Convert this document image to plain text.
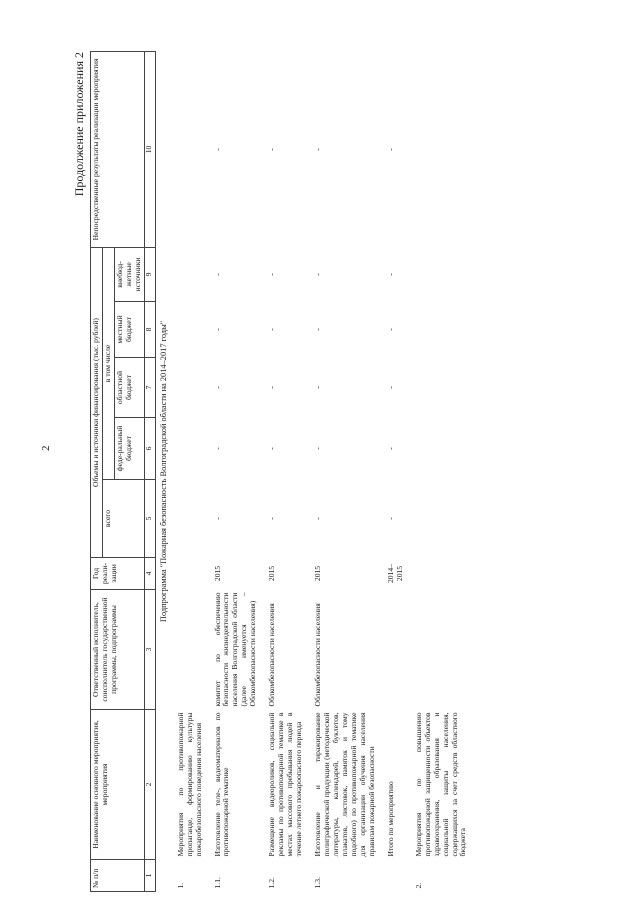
2
Продолжение приложения 2
№ п/п	Наименование основного мероприятия, мероприятия	Ответственный исполнитель, соисполнитель государственной программы, подпрограммы	Год реали-зации	Объемы и источники финансирования (тыс. рублей)					Непосредственные результаты реализации мероприятия
				всего	в том числе				
					феде-ральный бюджет	областной бюджет	местный бюджет	внебюд-жетные источники	
1	2	3	4	5	6	7	8	9	10
Подпрограмма "Пожарная безопасность Волгоградской области на 2014–2017 годы"									
1.	Мероприятия по противопожарной пропаганде, формированию культуры пожаробезопасного поведения населения								
1.1.	Изготовление теле-, видеоматериалов по противопожарной тематике	комитет по обеспечению безопасности жизнедеятельности населения Волгоградской области (далее именуется – Облкомбезопасности населения)	2015	-	-	-	-	-	-
1.2.	Размещение видеороликов, социальной рекламы по противопожарной тематике в местах массового пребывания людей в течение летнего пожароопасного периода	Облкомбезопасности населения	2015	-	-	-	-	-	-
1.3.	Изготовление и тиражирование полиграфической продукции (методической литературы, календарей, буклетов, плакатов, листовок, памяток и тому подобного) по противопожарной тематике для организации обучения населения правилам пожарной безопасности	Облкомбезопасности населения	2015	-	-	-	-	-	-
	Итого по мероприятию		2014–2015	-	-	-	-	-	-
2.	Мероприятия по повышению противопожарной защищенности объектов здравоохранения, образования и социальной защиты населения, содержащихся за счет средств областного бюджета								
